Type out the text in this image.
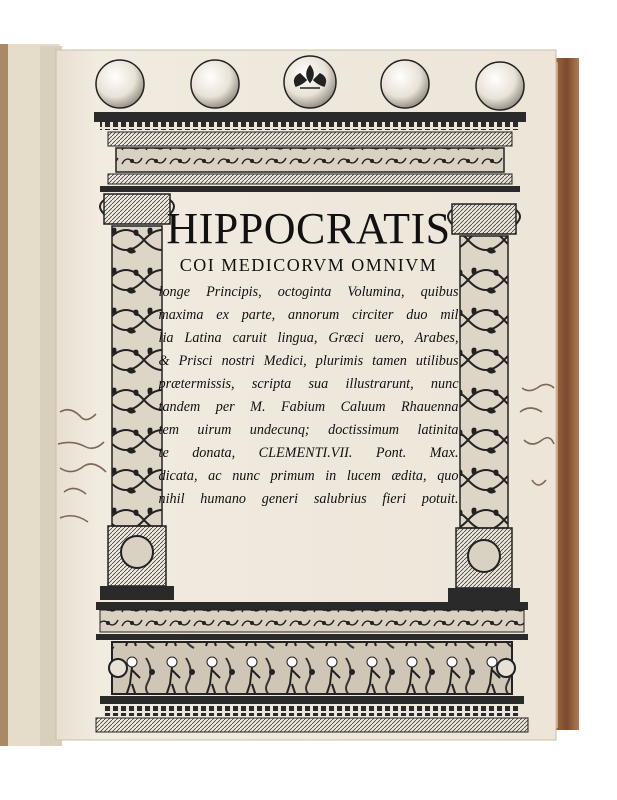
HIPPOCRATIS
COI MEDICORVM OMNIVM
longe Principis, octoginta Volumina, quibus
maxima ex parte, annorum circiter duo mil
lia Latina caruit lingua, Græci uero, Arabes,
& Prisci nostri Medici, plurimis tamen utilibus
prætermissis, scripta sua illustrarunt, nunc
tandem per M. Fabium Caluum Rhauenna
tem uirum undecunq; doctissimum latinita
te donata, CLEMENTI.VII. Pont. Max.
dicata, ac nunc primum in lucem ædita, quo
nihil humano generi salubrius fieri potuit.
